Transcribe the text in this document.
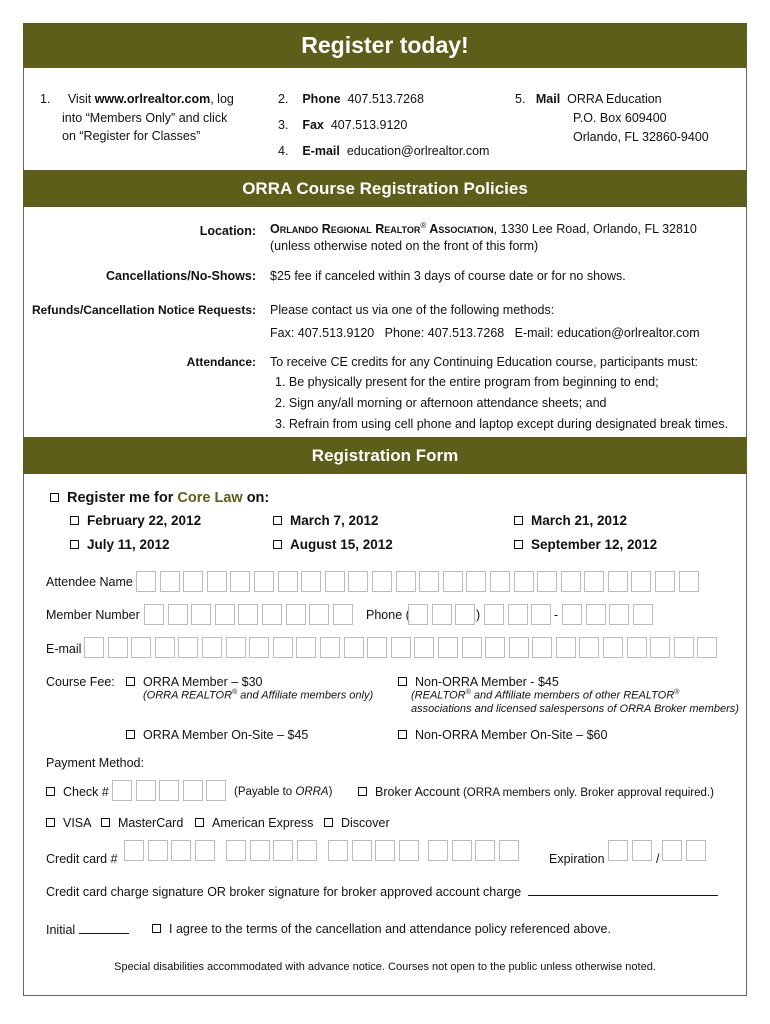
Register today!
1. Visit www.orlrealtor.com, log
into “Members Only” and click
on “Register for Classes”
2. Phone 407.513.7268
3. Fax 407.513.9120
4. E-mail education@orlrealtor.com
5. Mail ORRA Education
P.O. Box 609400
Orlando, FL 32860-9400
ORRA Course Registration Policies
Location: Orlando Regional Realtor® Association, 1330 Lee Road, Orlando, FL 32810
(unless otherwise noted on the front of this form)
Cancellations/No-Shows: $25 fee if canceled within 3 days of course date or for no shows.
Refunds/Cancellation Notice Requests: Please contact us via one of the following methods:
Fax: 407.513.9120   Phone: 407.513.7268   E-mail: education@orlrealtor.com
Attendance: To receive CE credits for any Continuing Education course, participants must:
1. Be physically present for the entire program from beginning to end;
2. Sign any/all morning or afternoon attendance sheets; and
3. Refrain from using cell phone and laptop except during designated break times.
Registration Form
Register me for Core Law on:
February 22, 2012	March 7, 2012	March 21, 2012
July 11, 2012	August 15, 2012	September 12, 2012
Attendee Name
Member Number	Phone (	)	-
E-mail
Course Fee:	ORRA Member – $30
(ORRA REALTOR® and Affiliate members only)
Non-ORRA Member - $45
(REALTOR® and Affiliate members of other REALTOR®
associations and licensed salespersons of ORRA Broker members)
ORRA Member On-Site – $45	Non-ORRA Member On-Site – $60
Payment Method:
Check #	(Payable to ORRA)	Broker Account (ORRA members only. Broker approval required.)
VISA	MasterCard	American Express	Discover
Credit card #	Expiration	/
Credit card charge signature OR broker signature for broker approved account charge
Initial	I agree to the terms of the cancellation and attendance policy referenced above.
Special disabilities accommodated with advance notice. Courses not open to the public unless otherwise noted.
